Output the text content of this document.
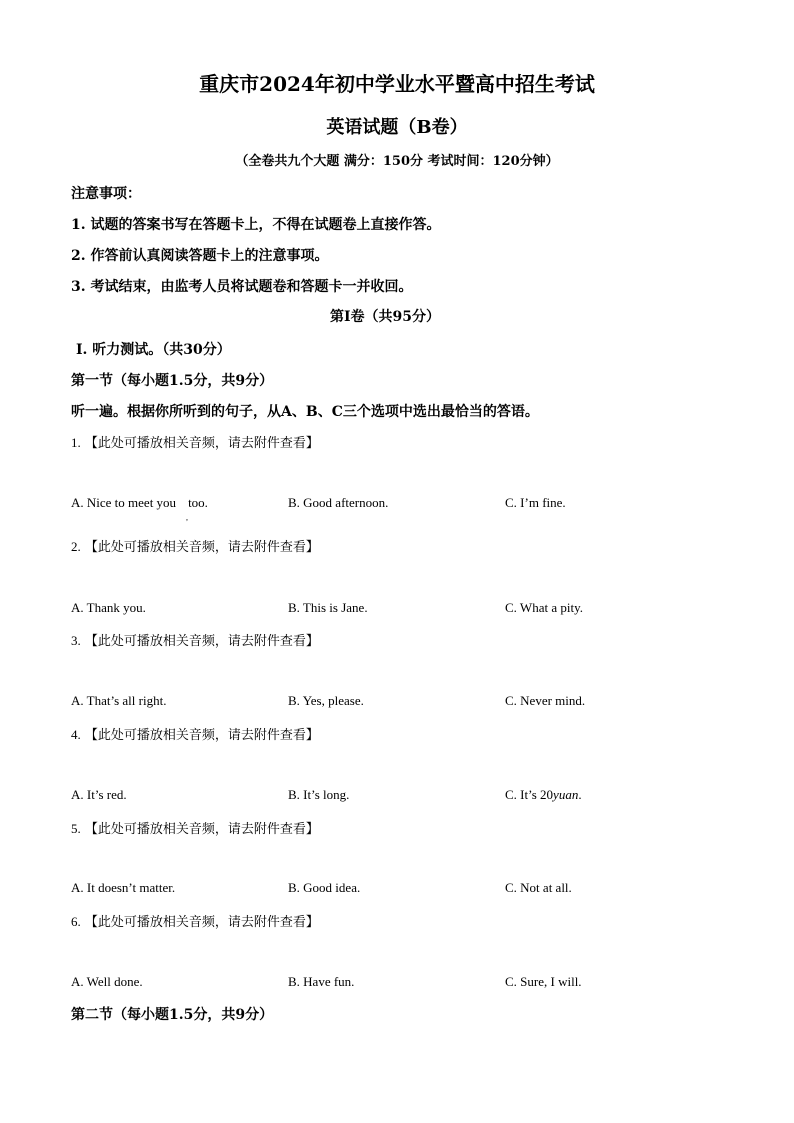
重庆市2024年初中学业水平暨高中招生考试
英语试题（B卷）
（全卷共九个大题 满分：150分 考试时间：120分钟）
注意事项：
1. 试题的答案书写在答题卡上，不得在试题卷上直接作答。
2. 作答前认真阅读答题卡上的注意事项。
3. 考试结束，由监考人员将试题卷和答题卡一并收回。
第Ⅰ卷（共95分）
Ⅰ. 听力测试。（共30分）
第一节（每小题1.5分，共9分）
听一遍。根据你所听到的句子，从A、B、C三个选项中选出最恰当的答语。
1. 【此处可播放相关音频，请去附件查看】
A. Nice to meet you too.
,
B. Good afternoon.	C. I’m fine.
2. 【此处可播放相关音频，请去附件查看】
A. Thank you.	B. This is Jane.	C. What a pity.
3. 【此处可播放相关音频，请去附件查看】
A. That’s all right.	B. Yes, please.	C. Never mind.
4. 【此处可播放相关音频，请去附件查看】
A. It’s red.	B. It’s long.	C. It’s 20yuan.
5. 【此处可播放相关音频，请去附件查看】
A. It doesn’t matter.	B. Good idea.	C. Not at all.
6. 【此处可播放相关音频，请去附件查看】
A. Well done.	B. Have fun.	C. Sure, I will.
第二节（每小题1.5分，共9分）
